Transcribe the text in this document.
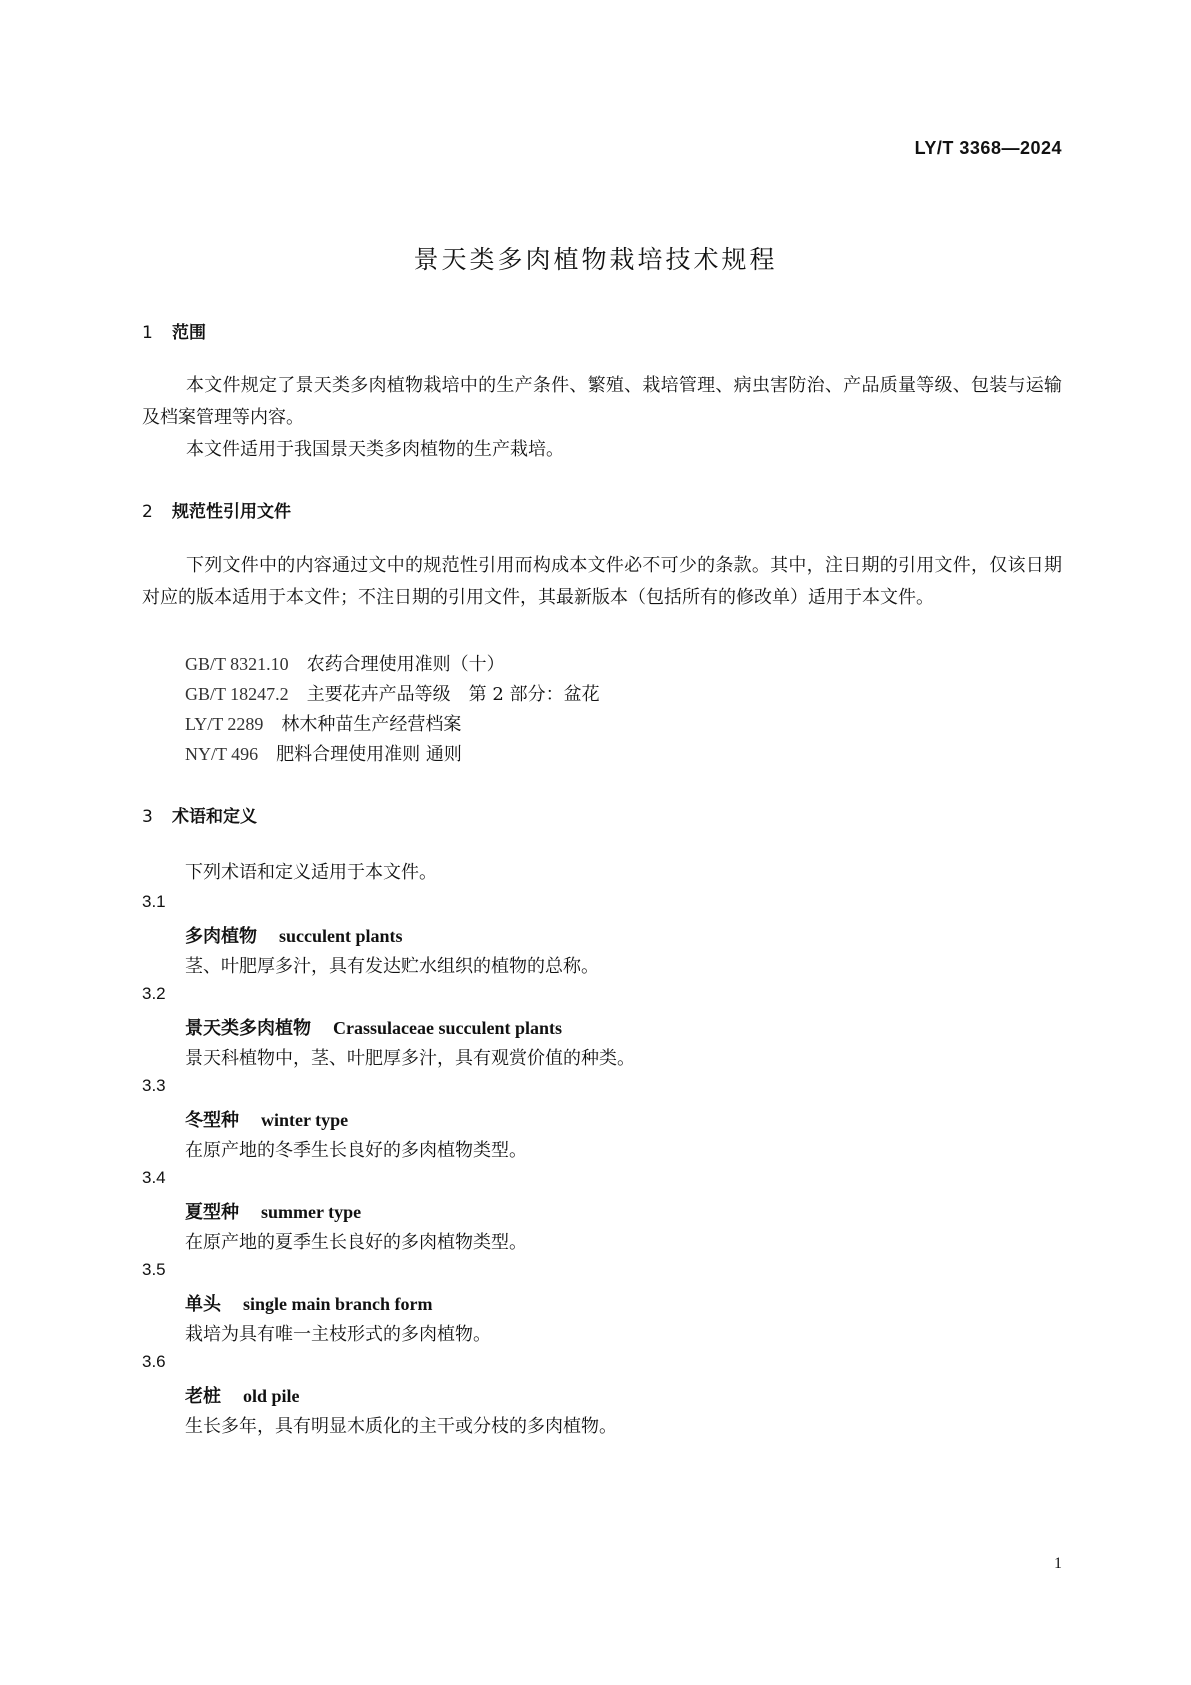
LY/T 3368—2024
景天类多肉植物栽培技术规程
1 范围
本文件规定了景天类多肉植物栽培中的生产条件、繁殖、栽培管理、病虫害防治、产品质量等级、包装与运输及档案管理等内容。
本文件适用于我国景天类多肉植物的生产栽培。
2 规范性引用文件
下列文件中的内容通过文中的规范性引用而构成本文件必不可少的条款。其中，注日期的引用文件，仅该日期对应的版本适用于本文件；不注日期的引用文件，其最新版本（包括所有的修改单）适用于本文件。
GB/T 8321.10 农药合理使用准则（十）
GB/T 18247.2 主要花卉产品等级　第 2 部分：盆花
LY/T 2289 林木种苗生产经营档案
NY/T 496 肥料合理使用准则 通则
3 术语和定义
下列术语和定义适用于本文件。
3.1
多肉植物 succulent plants
茎、叶肥厚多汁，具有发达贮水组织的植物的总称。
3.2
景天类多肉植物 Crassulaceae succulent plants
景天科植物中，茎、叶肥厚多汁，具有观赏价值的种类。
3.3
冬型种 winter type
在原产地的冬季生长良好的多肉植物类型。
3.4
夏型种 summer type
在原产地的夏季生长良好的多肉植物类型。
3.5
单头 single main branch form
栽培为具有唯一主枝形式的多肉植物。
3.6
老桩 old pile
生长多年，具有明显木质化的主干或分枝的多肉植物。
1
